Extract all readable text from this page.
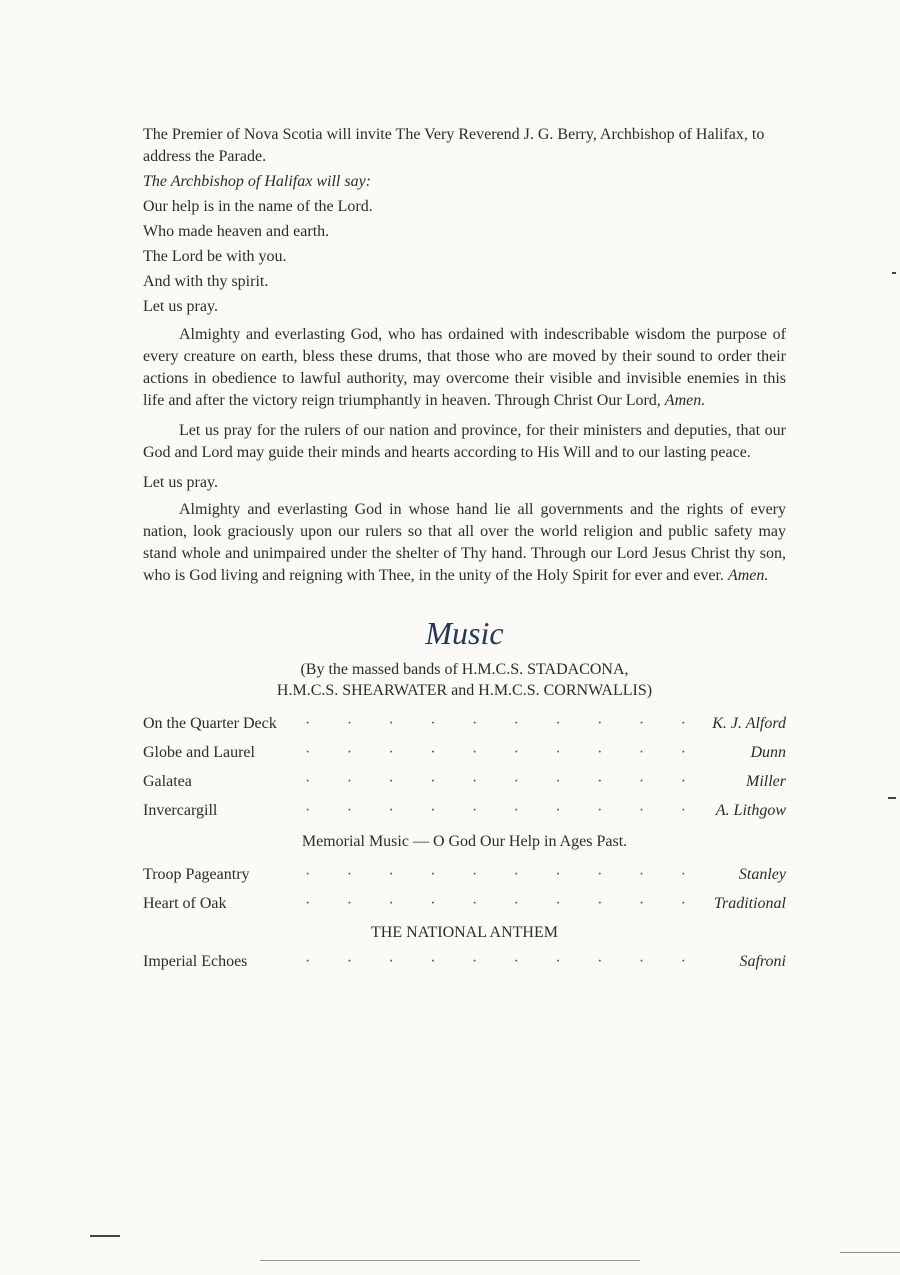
The Premier of Nova Scotia will invite The Very Reverend J. G. Berry, Archbishop of Halifax, to address the Parade.

The Archbishop of Halifax will say:

Our help is in the name of the Lord.

Who made heaven and earth.

The Lord be with you.

And with thy spirit.

Let us pray.

Almighty and everlasting God, who has ordained with indescribable wisdom the purpose of every creature on earth, bless these drums, that those who are moved by their sound to order their actions in obedience to lawful authority, may overcome their visible and invisible enemies in this life and after the victory reign triumphantly in heaven. Through Christ Our Lord, Amen.

Let us pray for the rulers of our nation and province, for their ministers and deputies, that our God and Lord may guide their minds and hearts according to His Will and to our lasting peace.

Let us pray.

Almighty and everlasting God in whose hand lie all governments and the rights of every nation, look graciously upon our rulers so that all over the world religion and public safety may stand whole and unimpaired under the shelter of Thy hand. Through our Lord Jesus Christ thy son, who is God living and reigning with Thee, in the unity of the Holy Spirit for ever and ever. Amen.

Music

(By the massed bands of H.M.C.S. STADACONA,

H.M.C.S. SHEARWATER and H.M.C.S. CORNWALLIS)

On the Quarter Deck · · · · · · · · · · K. J. Alford
Globe and Laurel	· · · · · · · · · ·	Dunn
Galatea	· · · · · · · · · ·	Miller
Invercargill	· · · · · · · · · · A. Lithgow
Memorial Music — O God Our Help in Ages Past.
Troop Pageantry	· · · · · · · · · ·	Stanley
Heart of Oak	· · · · · · · · · · Traditional
THE NATIONAL ANTHEM
Imperial Echoes	· · · · · · · · · ·	Safroni
